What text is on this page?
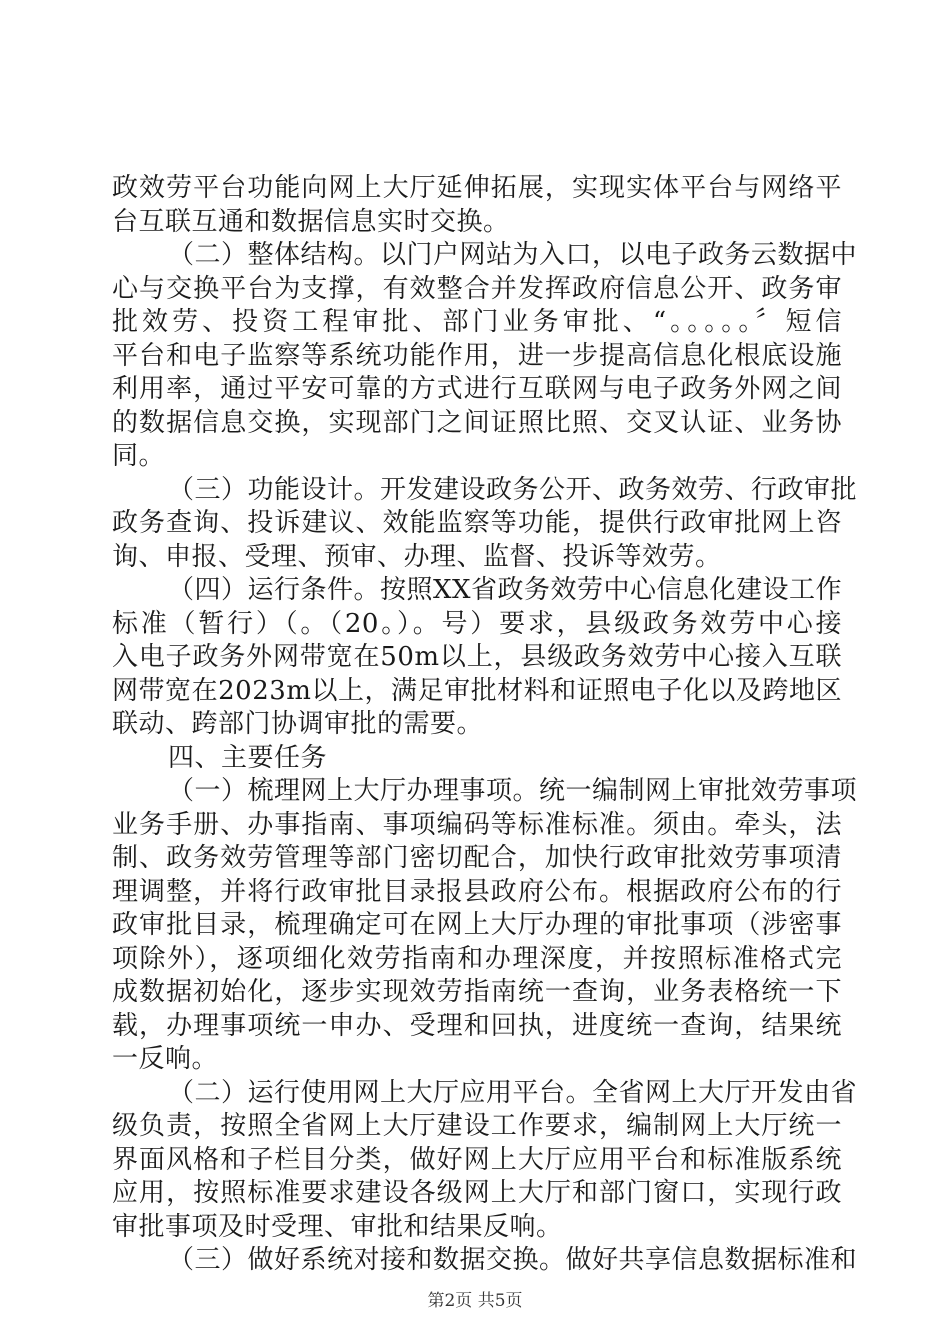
政效劳平台功能向网上大厅延伸拓展，实现实体平台与网络平
台互联互通和数据信息实时交换。
（二）整体结构。以门户网站为入口，以电子政务云数据中
心与交换平台为支撑，有效整合并发挥政府信息公开、政务审
批效劳、投资工程审批、部门业务审批、“。。。。。〞短信
平台和电子监察等系统功能作用，进一步提高信息化根底设施
利用率，通过平安可靠的方式进行互联网与电子政务外网之间
的数据信息交换，实现部门之间证照比照、交叉认证、业务协
同。
（三）功能设计。开发建设政务公开、政务效劳、行政审批
政务查询、投诉建议、效能监察等功能，提供行政审批网上咨
询、申报、受理、预审、办理、监督、投诉等效劳。
（四）运行条件。按照XX省政务效劳中心信息化建设工作
标准（暂行）（。（20。）。号）要求，县级政务效劳中心接
入电子政务外网带宽在50m以上，县级政务效劳中心接入互联
网带宽在2023m以上，满足审批材料和证照电子化以及跨地区
联动、跨部门协调审批的需要。
四、主要任务
（一）梳理网上大厅办理事项。统一编制网上审批效劳事项
业务手册、办事指南、事项编码等标准标准。须由。牵头，法
制、政务效劳管理等部门密切配合，加快行政审批效劳事项清
理调整，并将行政审批目录报县政府公布。根据政府公布的行
政审批目录，梳理确定可在网上大厅办理的审批事项（涉密事
项除外），逐项细化效劳指南和办理深度，并按照标准格式完
成数据初始化，逐步实现效劳指南统一查询，业务表格统一下
载，办理事项统一申办、受理和回执，进度统一查询，结果统
一反响。
（二）运行使用网上大厅应用平台。全省网上大厅开发由省
级负责，按照全省网上大厅建设工作要求，编制网上大厅统一
界面风格和子栏目分类，做好网上大厅应用平台和标准版系统
应用，按照标准要求建设各级网上大厅和部门窗口，实现行政
审批事项及时受理、审批和结果反响。
（三）做好系统对接和数据交换。做好共享信息数据标准和
第2页 共5页
